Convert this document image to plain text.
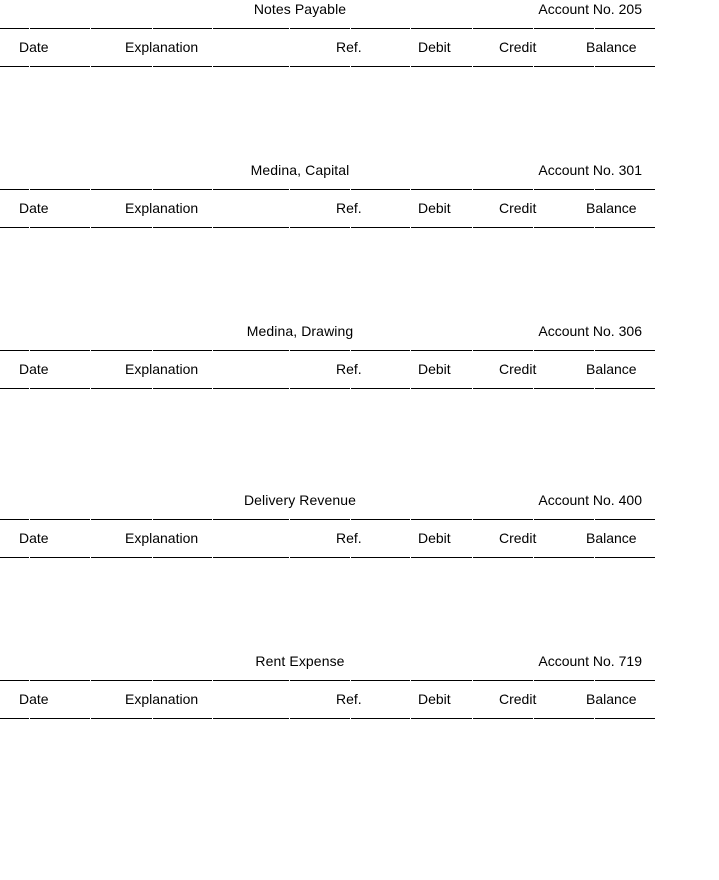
Notes Payable	Account No. 205
Date	Explanation	Ref.	Debit	Credit	Balance
Medina, Capital	Account No. 301
Date	Explanation	Ref.	Debit	Credit	Balance
Medina, Drawing	Account No. 306
Date	Explanation	Ref.	Debit	Credit	Balance
Delivery Revenue	Account No. 400
Date	Explanation	Ref.	Debit	Credit	Balance
Rent Expense	Account No. 719
Date	Explanation	Ref.	Debit	Credit	Balance
